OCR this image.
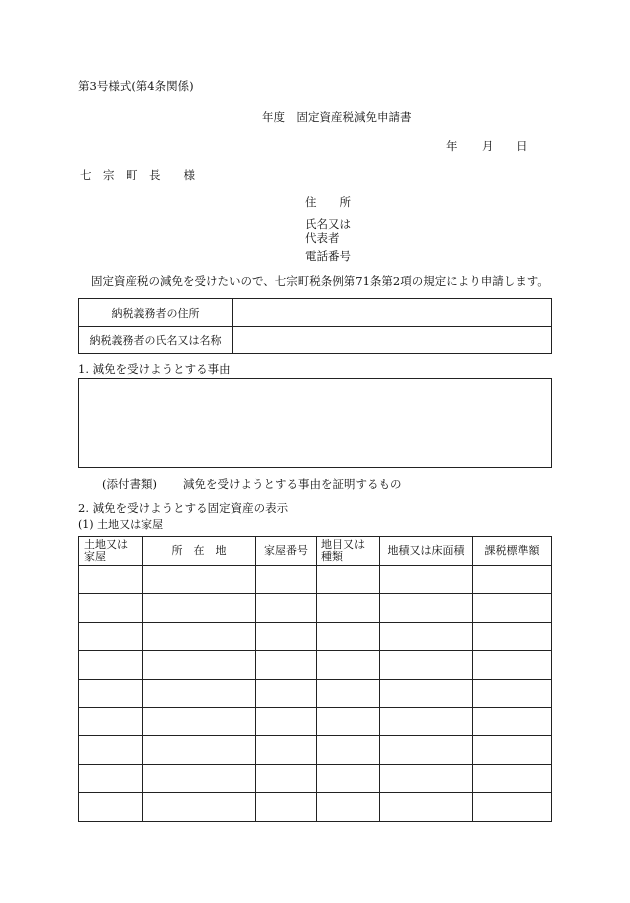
第3号様式(第4条関係)
年度　固定資産税減免申請書
年 月 日
七　宗　町　長　　様
住　　所
氏名又は
代表者
電話番号
固定資産税の減免を受けたいので、七宗町税条例第71条第2項の規定により申請します。
納税義務者の住所	
納税義務者の氏名又は名称	
1. 減免を受けようとする事由
(添付書類) 減免を受けようとする事由を証明するもの
2. 減免を受けようとする固定資産の表示
(1) 土地又は家屋
土地又は家屋	所　在　地	家屋番号	地目又は種類	地積又は床面積	課税標準額
